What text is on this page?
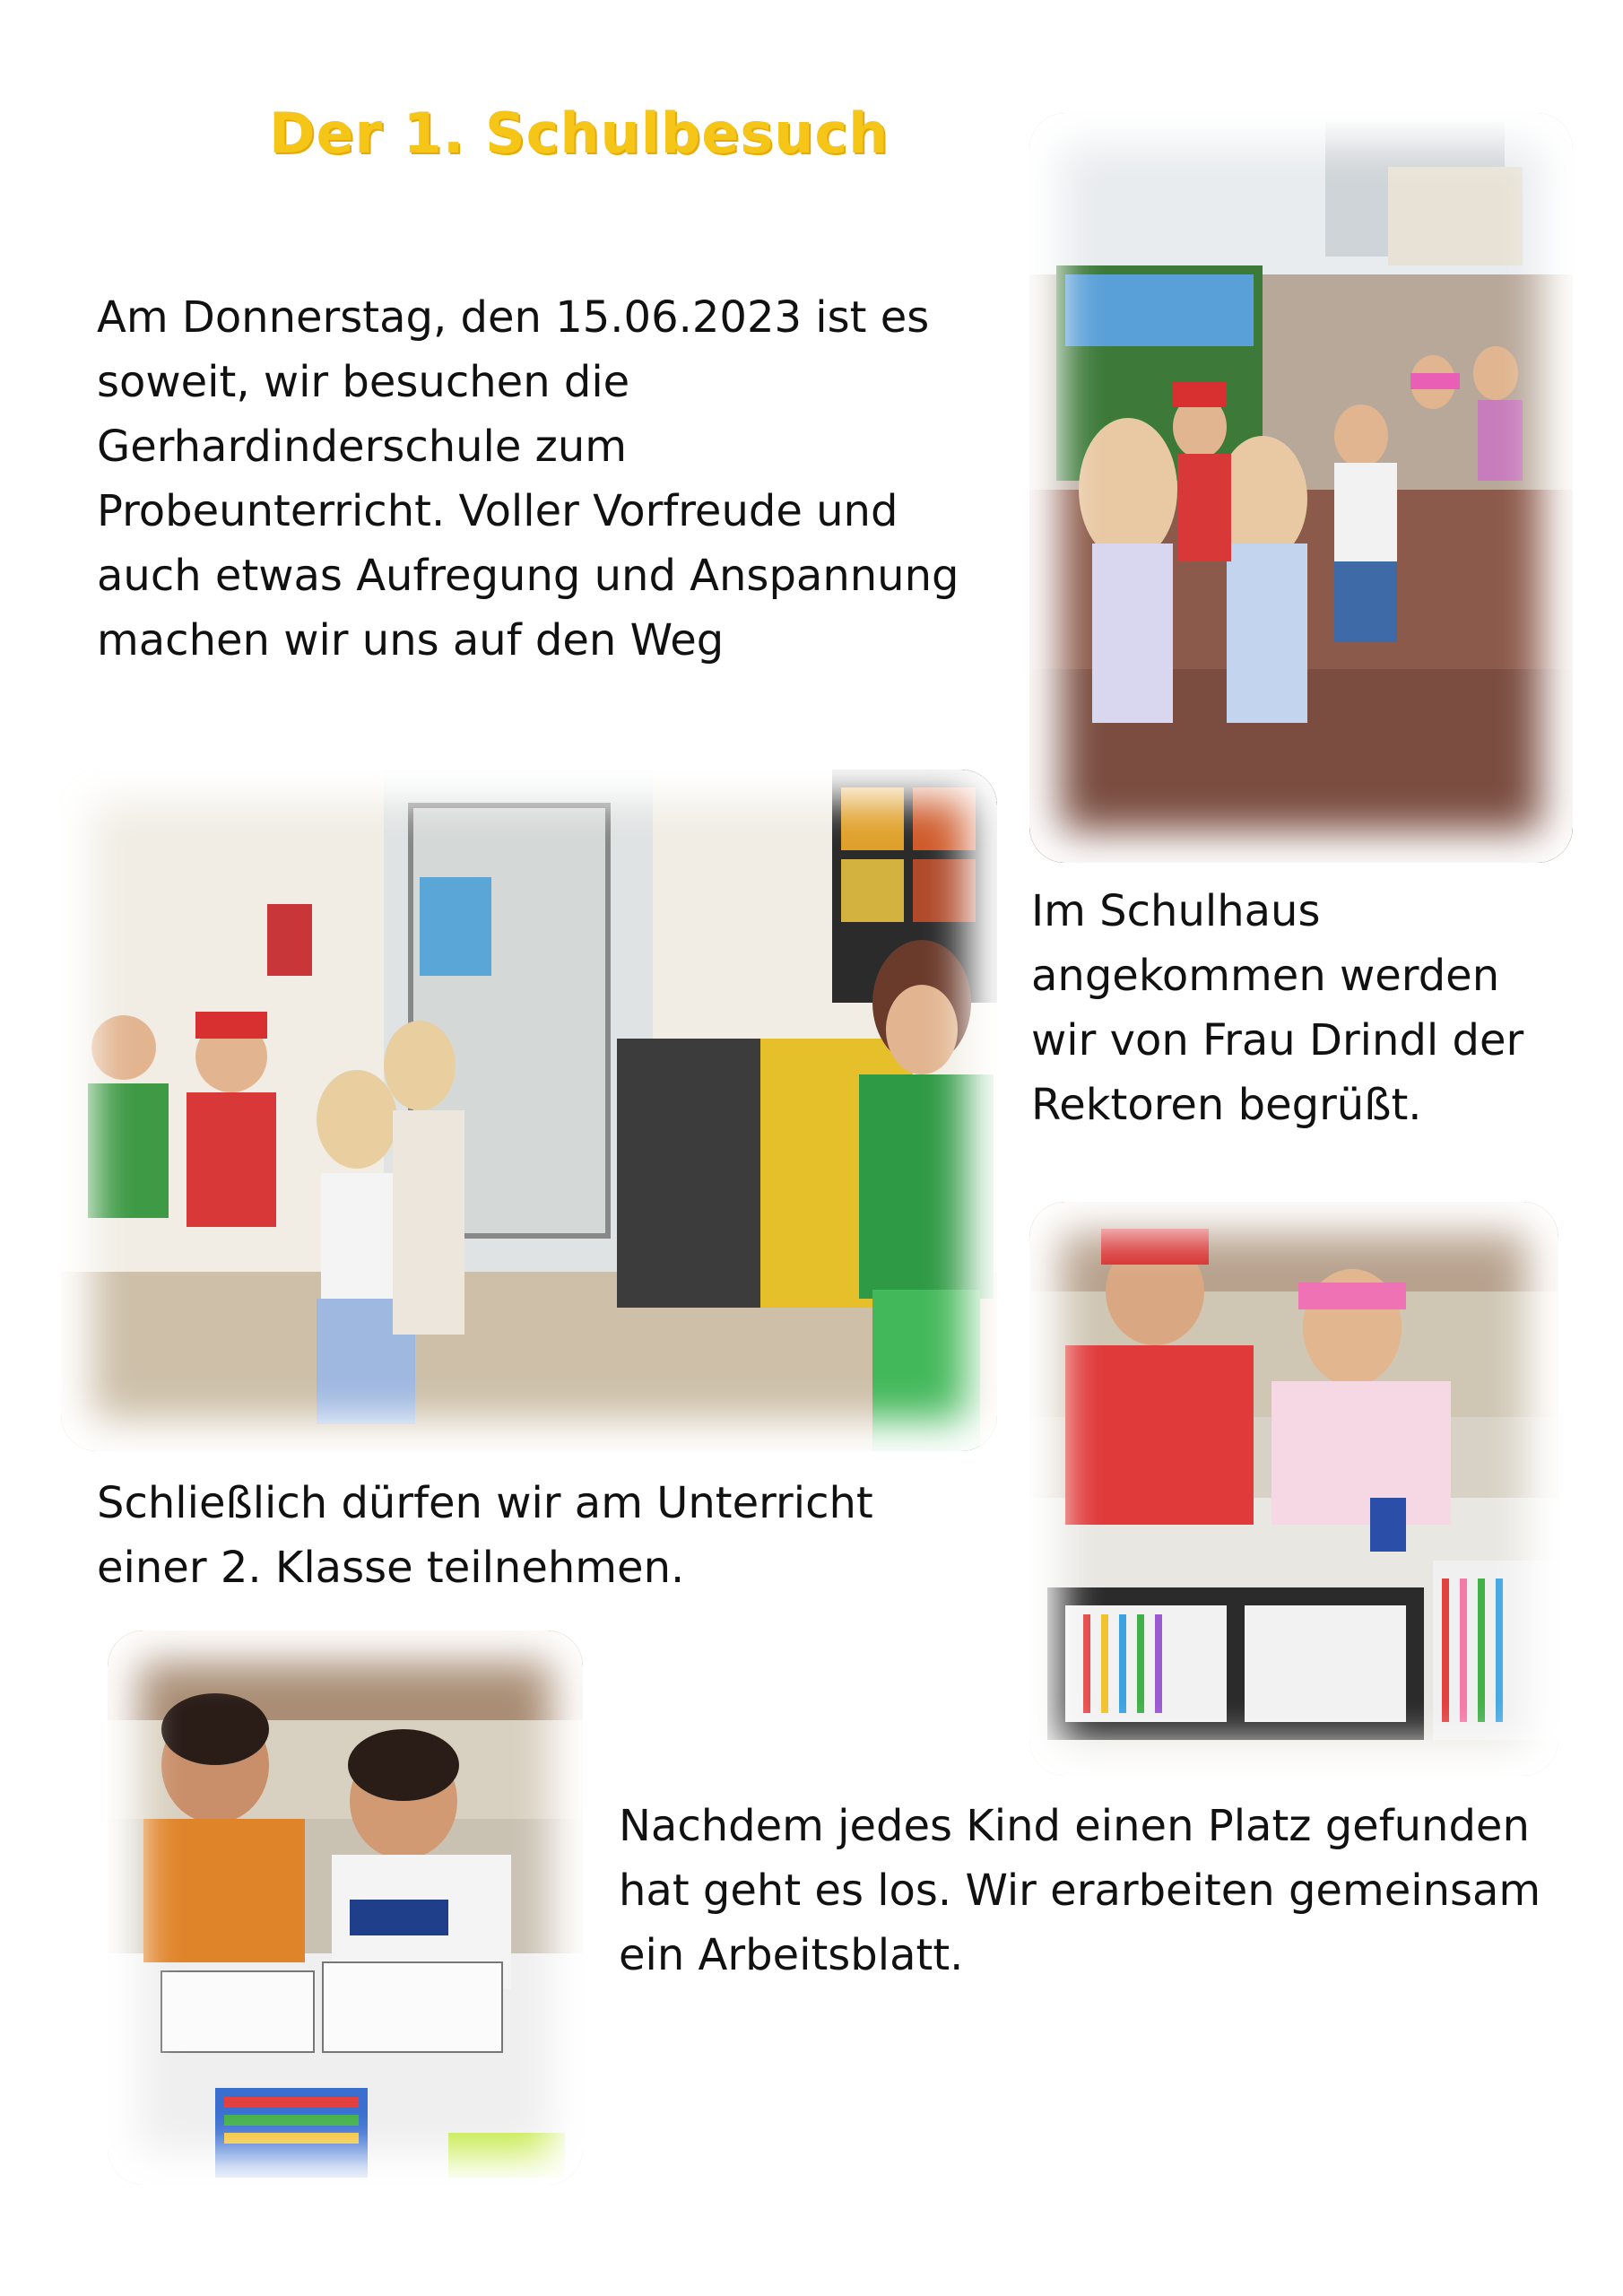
Der 1. Schulbesuch

Am Donnerstag, den 15.06.2023 ist es
soweit, wir besuchen die
Gerhardinderschule zum
Probeunterricht. Voller Vorfreude und
auch etwas Aufregung und Anspannung
machen wir uns auf den Weg

Im Schulhaus
angekommen werden
wir von Frau Drindl der
Rektoren begrüßt.

Schließlich dürfen wir am Unterricht
einer 2. Klasse teilnehmen.

Nachdem jedes Kind einen Platz gefunden
hat geht es los. Wir erarbeiten gemeinsam
ein Arbeitsblatt.
